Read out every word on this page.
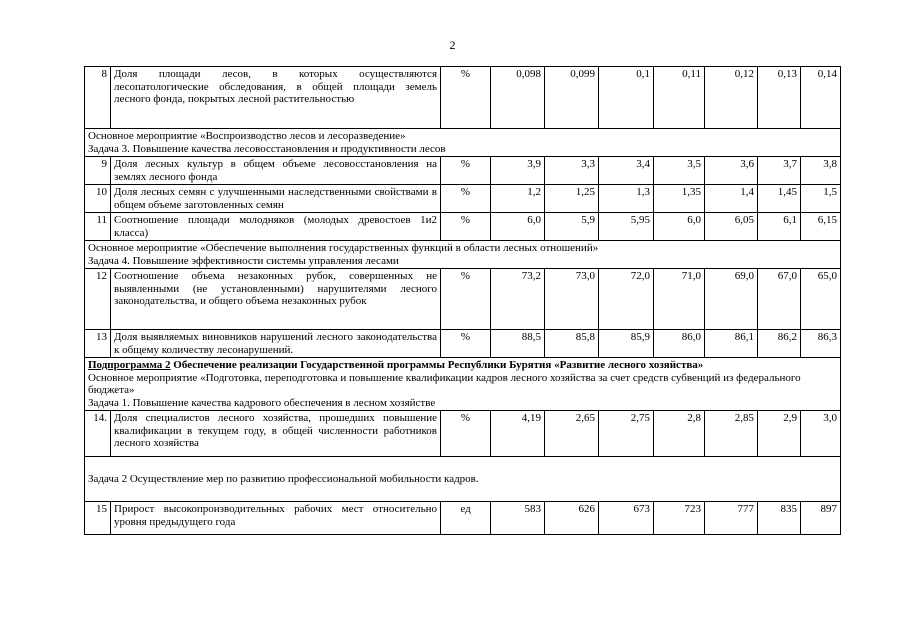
2
8	Доля площади лесов, в которых осуществляются лесопатологические обследования, в общей площади земель лесного фонда, покрытых лесной растительностью	%	0,098	0,099	0,1	0,11	0,12	0,13	0,14

Основное мероприятие «Воспроизводство лесов и лесоразведение»
Задача 3. Повышение качества лесовосстановления и продуктивности лесов									

9	Доля лесных культур в общем объеме лесовосстановления на землях лесного фонда	%	3,9	3,3	3,4	3,5	3,6	3,7	3,8
10	Доля лесных семян с улучшенными наследственными свойствами в общем объеме заготовленных семян	%	1,2	1,25	1,3	1,35	1,4	1,45	1,5
11	Соотношение площади молодняков (молодых древостоев 1и2 класса)	%	6,0	5,9	5,95	6,0	6,05	6,1	6,15

Основное мероприятие «Обеспечение выполнения государственных функций в области лесных отношений»
Задача 4. Повышение эффективности системы управления лесами									

12	Соотношение объема незаконных рубок, совершенных не выявленными (не установленными) нарушителями лесного законодательства, и общего объема незаконных рубок	%	73,2	73,0	72,0	71,0	69,0	67,0	65,0
13	Доля выявляемых виновников нарушений лесного законодательства к общему количеству лесонарушений.	%	88,5	85,8	85,9	86,0	86,1	86,2	86,3

Подпрограмма 2 Обеспечение реализации Государственной программы Республики Бурятия «Развитие лесного хозяйства»
Основное мероприятие «Подготовка, переподготовка и повышение квалификации кадров лесного хозяйства за счет средств субвенций из федерального бюджета»
Задача 1. Повышение качества кадрового обеспечения в лесном хозяйстве									

14.	Доля специалистов лесного хозяйства, прошедших повышение квалификации в текущем году, в общей численности работников лесного хозяйства	%	4,19	2,65	2,75	2,8	2,85	2,9	3,0

Задача 2 Осуществление мер по развитию профессиональной мобильности кадров.									

15	Прирост высокопроизводительных рабочих мест относительно уровня предыдущего года	ед	583	626	673	723	777	835	897
